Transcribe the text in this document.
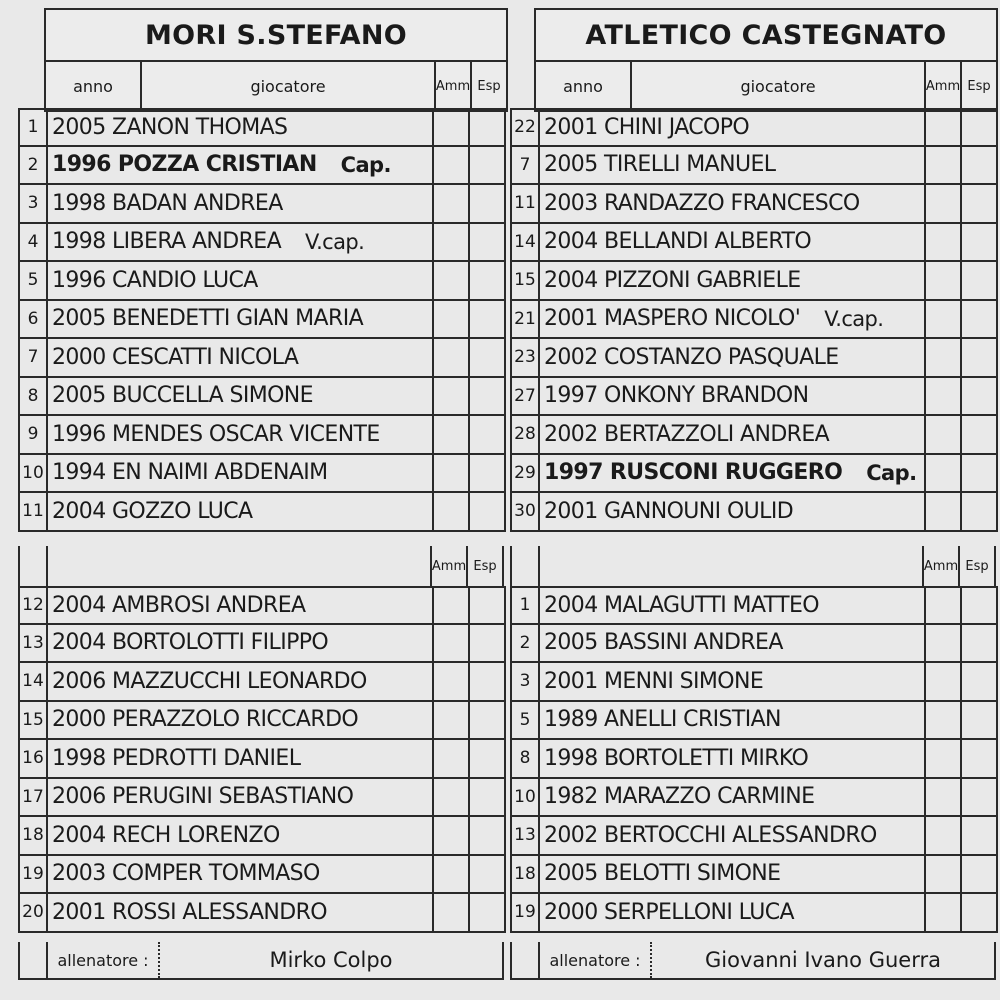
MORI S.STEFANO
anno	giocatore	Amm Esp
1 2005 ZANON THOMAS
2 1996 POZZA CRISTIAN Cap.
3 1998 BADAN ANDREA
4 1998 LIBERA ANDREA V.cap.
5 1996 CANDIO LUCA
6 2005 BENEDETTI GIAN MARIA
7 2000 CESCATTI NICOLA
8 2005 BUCCELLA SIMONE
9 1996 MENDES OSCAR VICENTE
10 1994 EN NAIMI ABDENAIM
11 2004 GOZZO LUCA
Amm Esp
12 2004 AMBROSI ANDREA
13 2004 BORTOLOTTI FILIPPO
14 2006 MAZZUCCHI LEONARDO
15 2000 PERAZZOLO RICCARDO
16 1998 PEDROTTI DANIEL
17 2006 PERUGINI SEBASTIANO
18 2004 RECH LORENZO
19 2003 COMPER TOMMASO
20 2001 ROSSI ALESSANDRO
allenatore :	Mirko Colpo
ATLETICO CASTEGNATO
anno	giocatore	Amm Esp
22 2001 CHINI JACOPO
7 2005 TIRELLI MANUEL
11 2003 RANDAZZO FRANCESCO
14 2004 BELLANDI ALBERTO
15 2004 PIZZONI GABRIELE
21 2001 MASPERO NICOLO' V.cap.
23 2002 COSTANZO PASQUALE
27 1997 ONKONY BRANDON
28 2002 BERTAZZOLI ANDREA
29 1997 RUSCONI RUGGERO Cap.
30 2001 GANNOUNI OULID
Amm Esp
1 2004 MALAGUTTI MATTEO
2 2005 BASSINI ANDREA
3 2001 MENNI SIMONE
5 1989 ANELLI CRISTIAN
8 1998 BORTOLETTI MIRKO
10 1982 MARAZZO CARMINE
13 2002 BERTOCCHI ALESSANDRO
18 2005 BELOTTI SIMONE
19 2000 SERPELLONI LUCA
allenatore :	Giovanni Ivano Guerra
